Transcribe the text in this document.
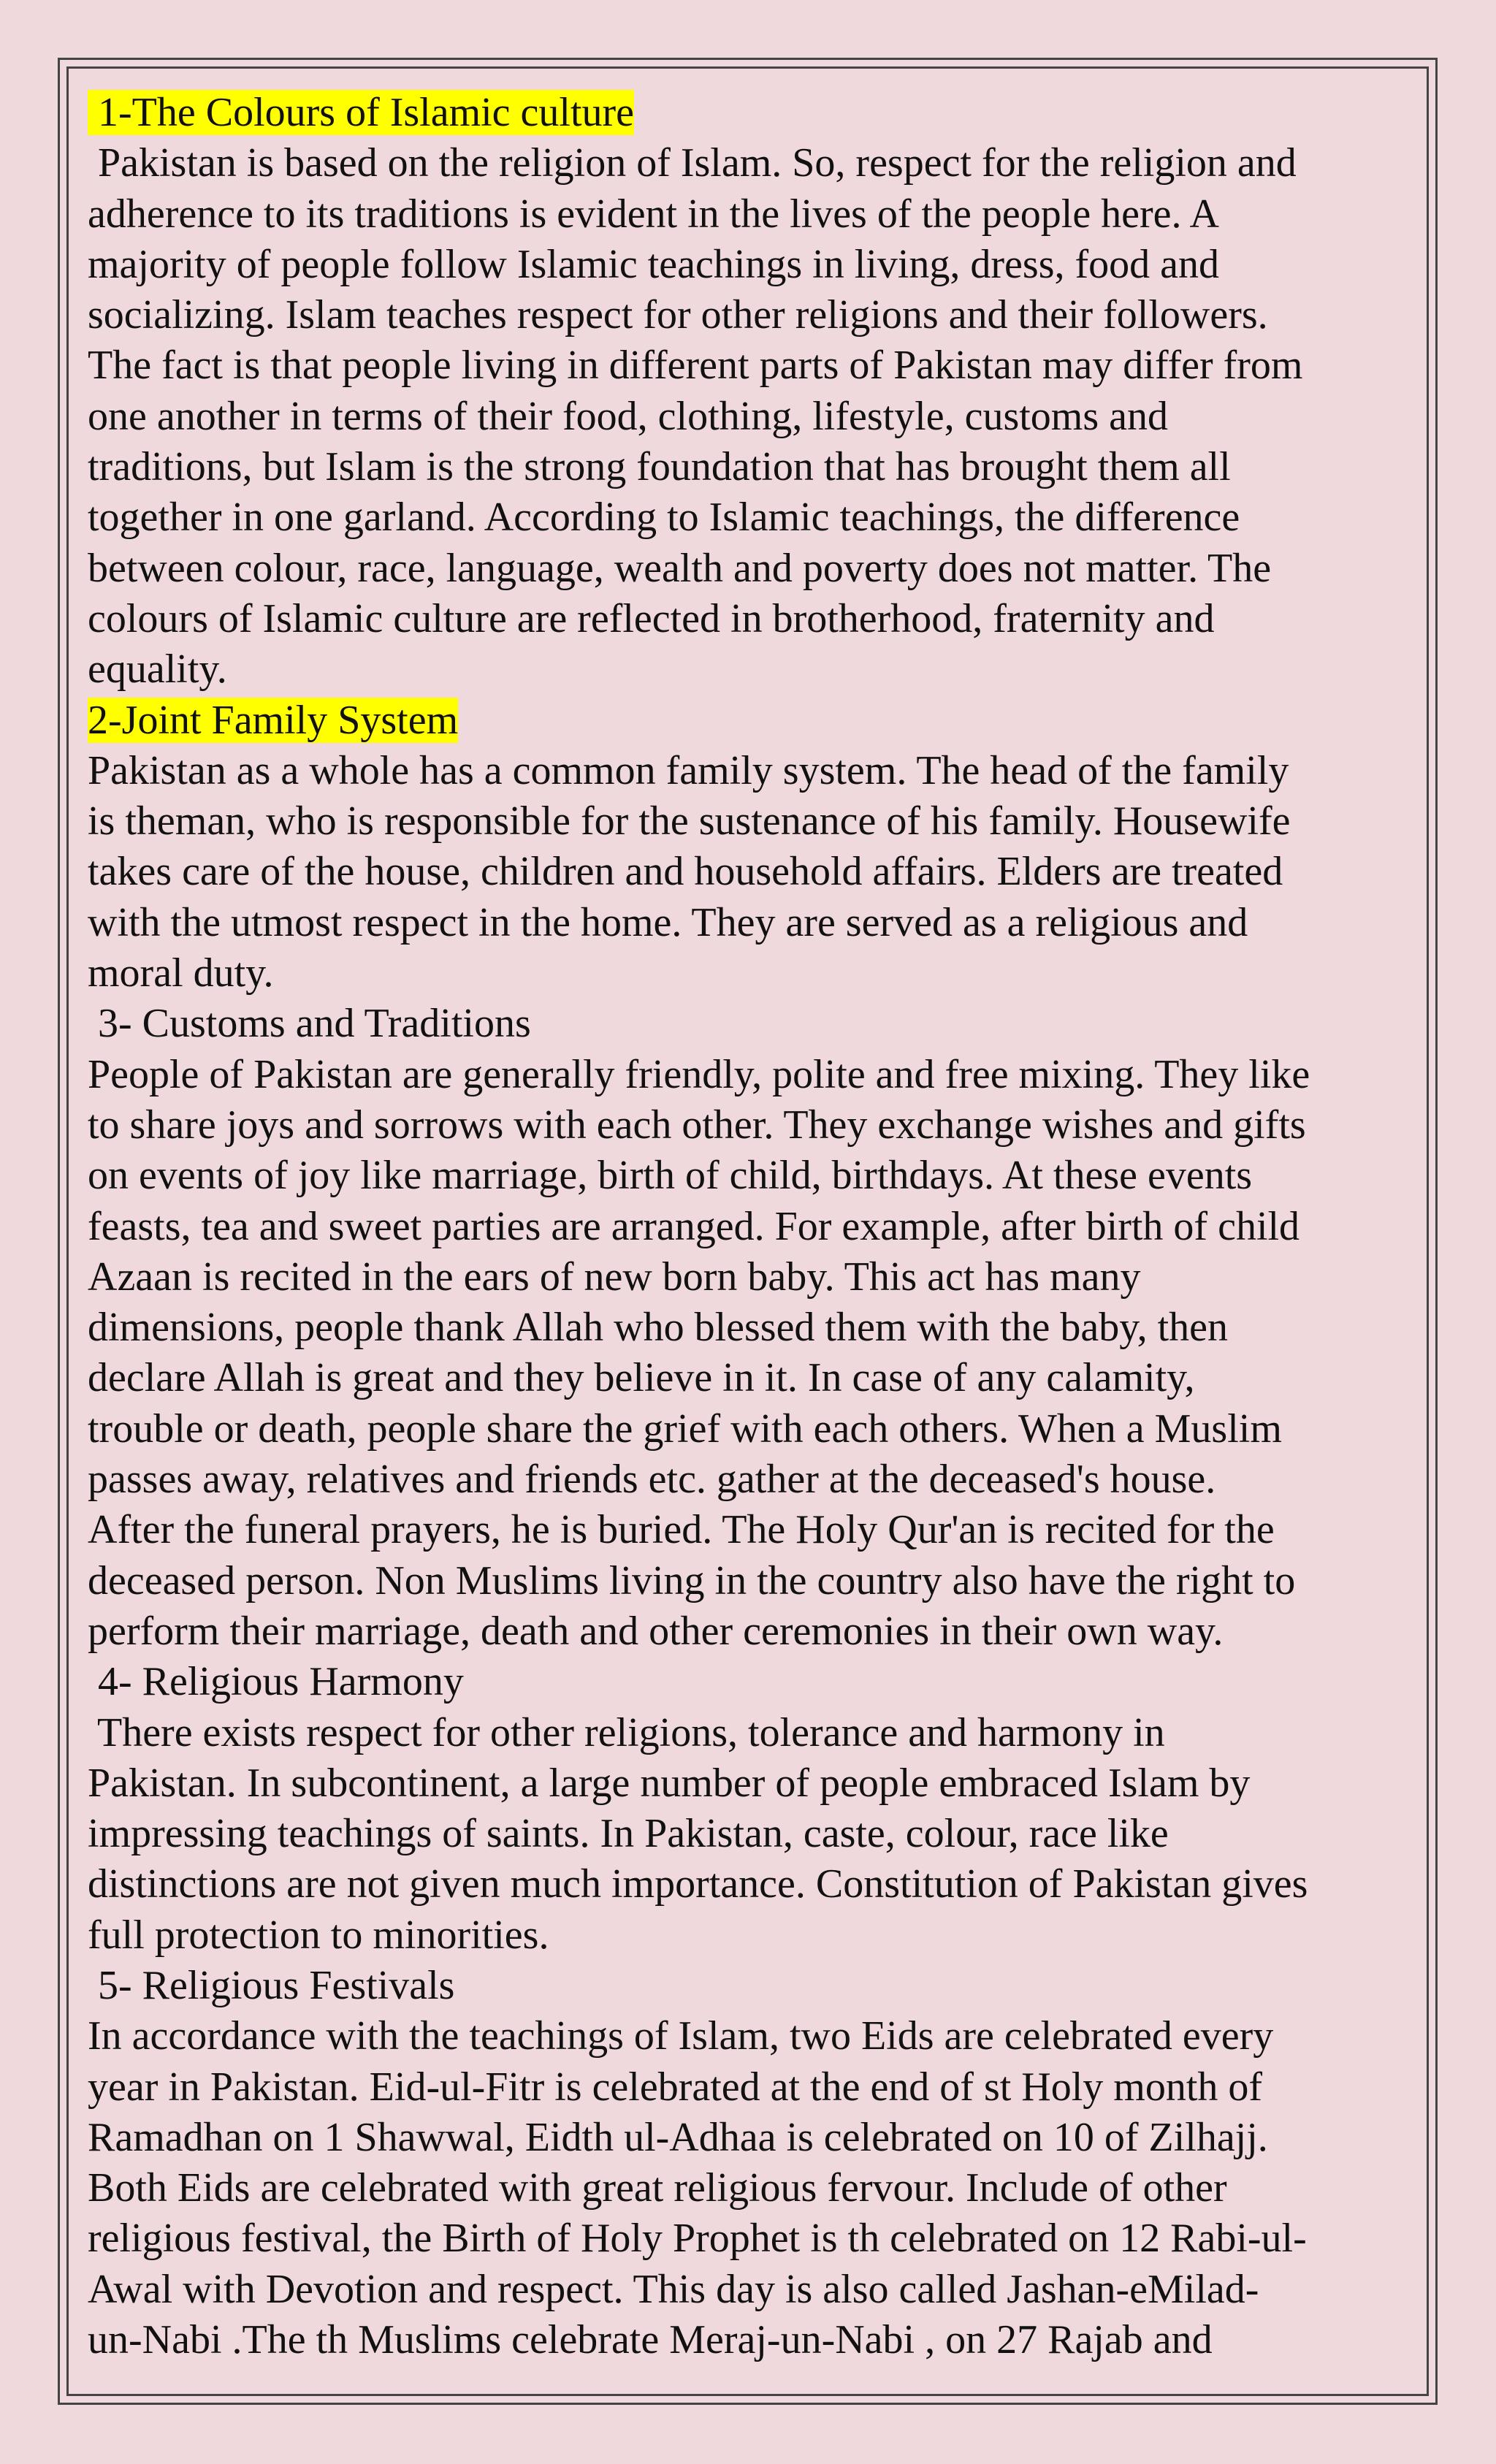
1-The Colours of Islamic culture
Pakistan is based on the religion of Islam. So, respect for the religion and
adherence to its traditions is evident in the lives of the people here. A
majority of people follow Islamic teachings in living, dress, food and
socializing. Islam teaches respect for other religions and their followers.
The fact is that people living in different parts of Pakistan may differ from
one another in terms of their food, clothing, lifestyle, customs and
traditions, but Islam is the strong foundation that has brought them all
together in one garland. According to Islamic teachings, the difference
between colour, race, language, wealth and poverty does not matter. The
colours of Islamic culture are reflected in brotherhood, fraternity and
equality.
2-Joint Family System
Pakistan as a whole has a common family system. The head of the family
is theman, who is responsible for the sustenance of his family. Housewife
takes care of the house, children and household affairs. Elders are treated
with the utmost respect in the home. They are served as a religious and
moral duty.
3- Customs and Traditions
People of Pakistan are generally friendly, polite and free mixing. They like
to share joys and sorrows with each other. They exchange wishes and gifts
on events of joy like marriage, birth of child, birthdays. At these events
feasts, tea and sweet parties are arranged. For example, after birth of child
Azaan is recited in the ears of new born baby. This act has many
dimensions, people thank Allah who blessed them with the baby, then
declare Allah is great and they believe in it. In case of any calamity,
trouble or death, people share the grief with each others. When a Muslim
passes away, relatives and friends etc. gather at the deceased's house.
After the funeral prayers, he is buried. The Holy Qur'an is recited for the
deceased person. Non Muslims living in the country also have the right to
perform their marriage, death and other ceremonies in their own way.
4- Religious Harmony
There exists respect for other religions, tolerance and harmony in
Pakistan. In subcontinent, a large number of people embraced Islam by
impressing teachings of saints. In Pakistan, caste, colour, race like
distinctions are not given much importance. Constitution of Pakistan gives
full protection to minorities.
5- Religious Festivals
In accordance with the teachings of Islam, two Eids are celebrated every
year in Pakistan. Eid-ul-Fitr is celebrated at the end of st Holy month of
Ramadhan on 1 Shawwal, Eidth ul-Adhaa is celebrated on 10 of Zilhajj.
Both Eids are celebrated with great religious fervour. Include of other
religious festival, the Birth of Holy Prophet is th celebrated on 12 Rabi-ul-
Awal with Devotion and respect. This day is also called Jashan-eMilad-
un-Nabi .The th Muslims celebrate Meraj-un-Nabi , on 27 Rajab and
